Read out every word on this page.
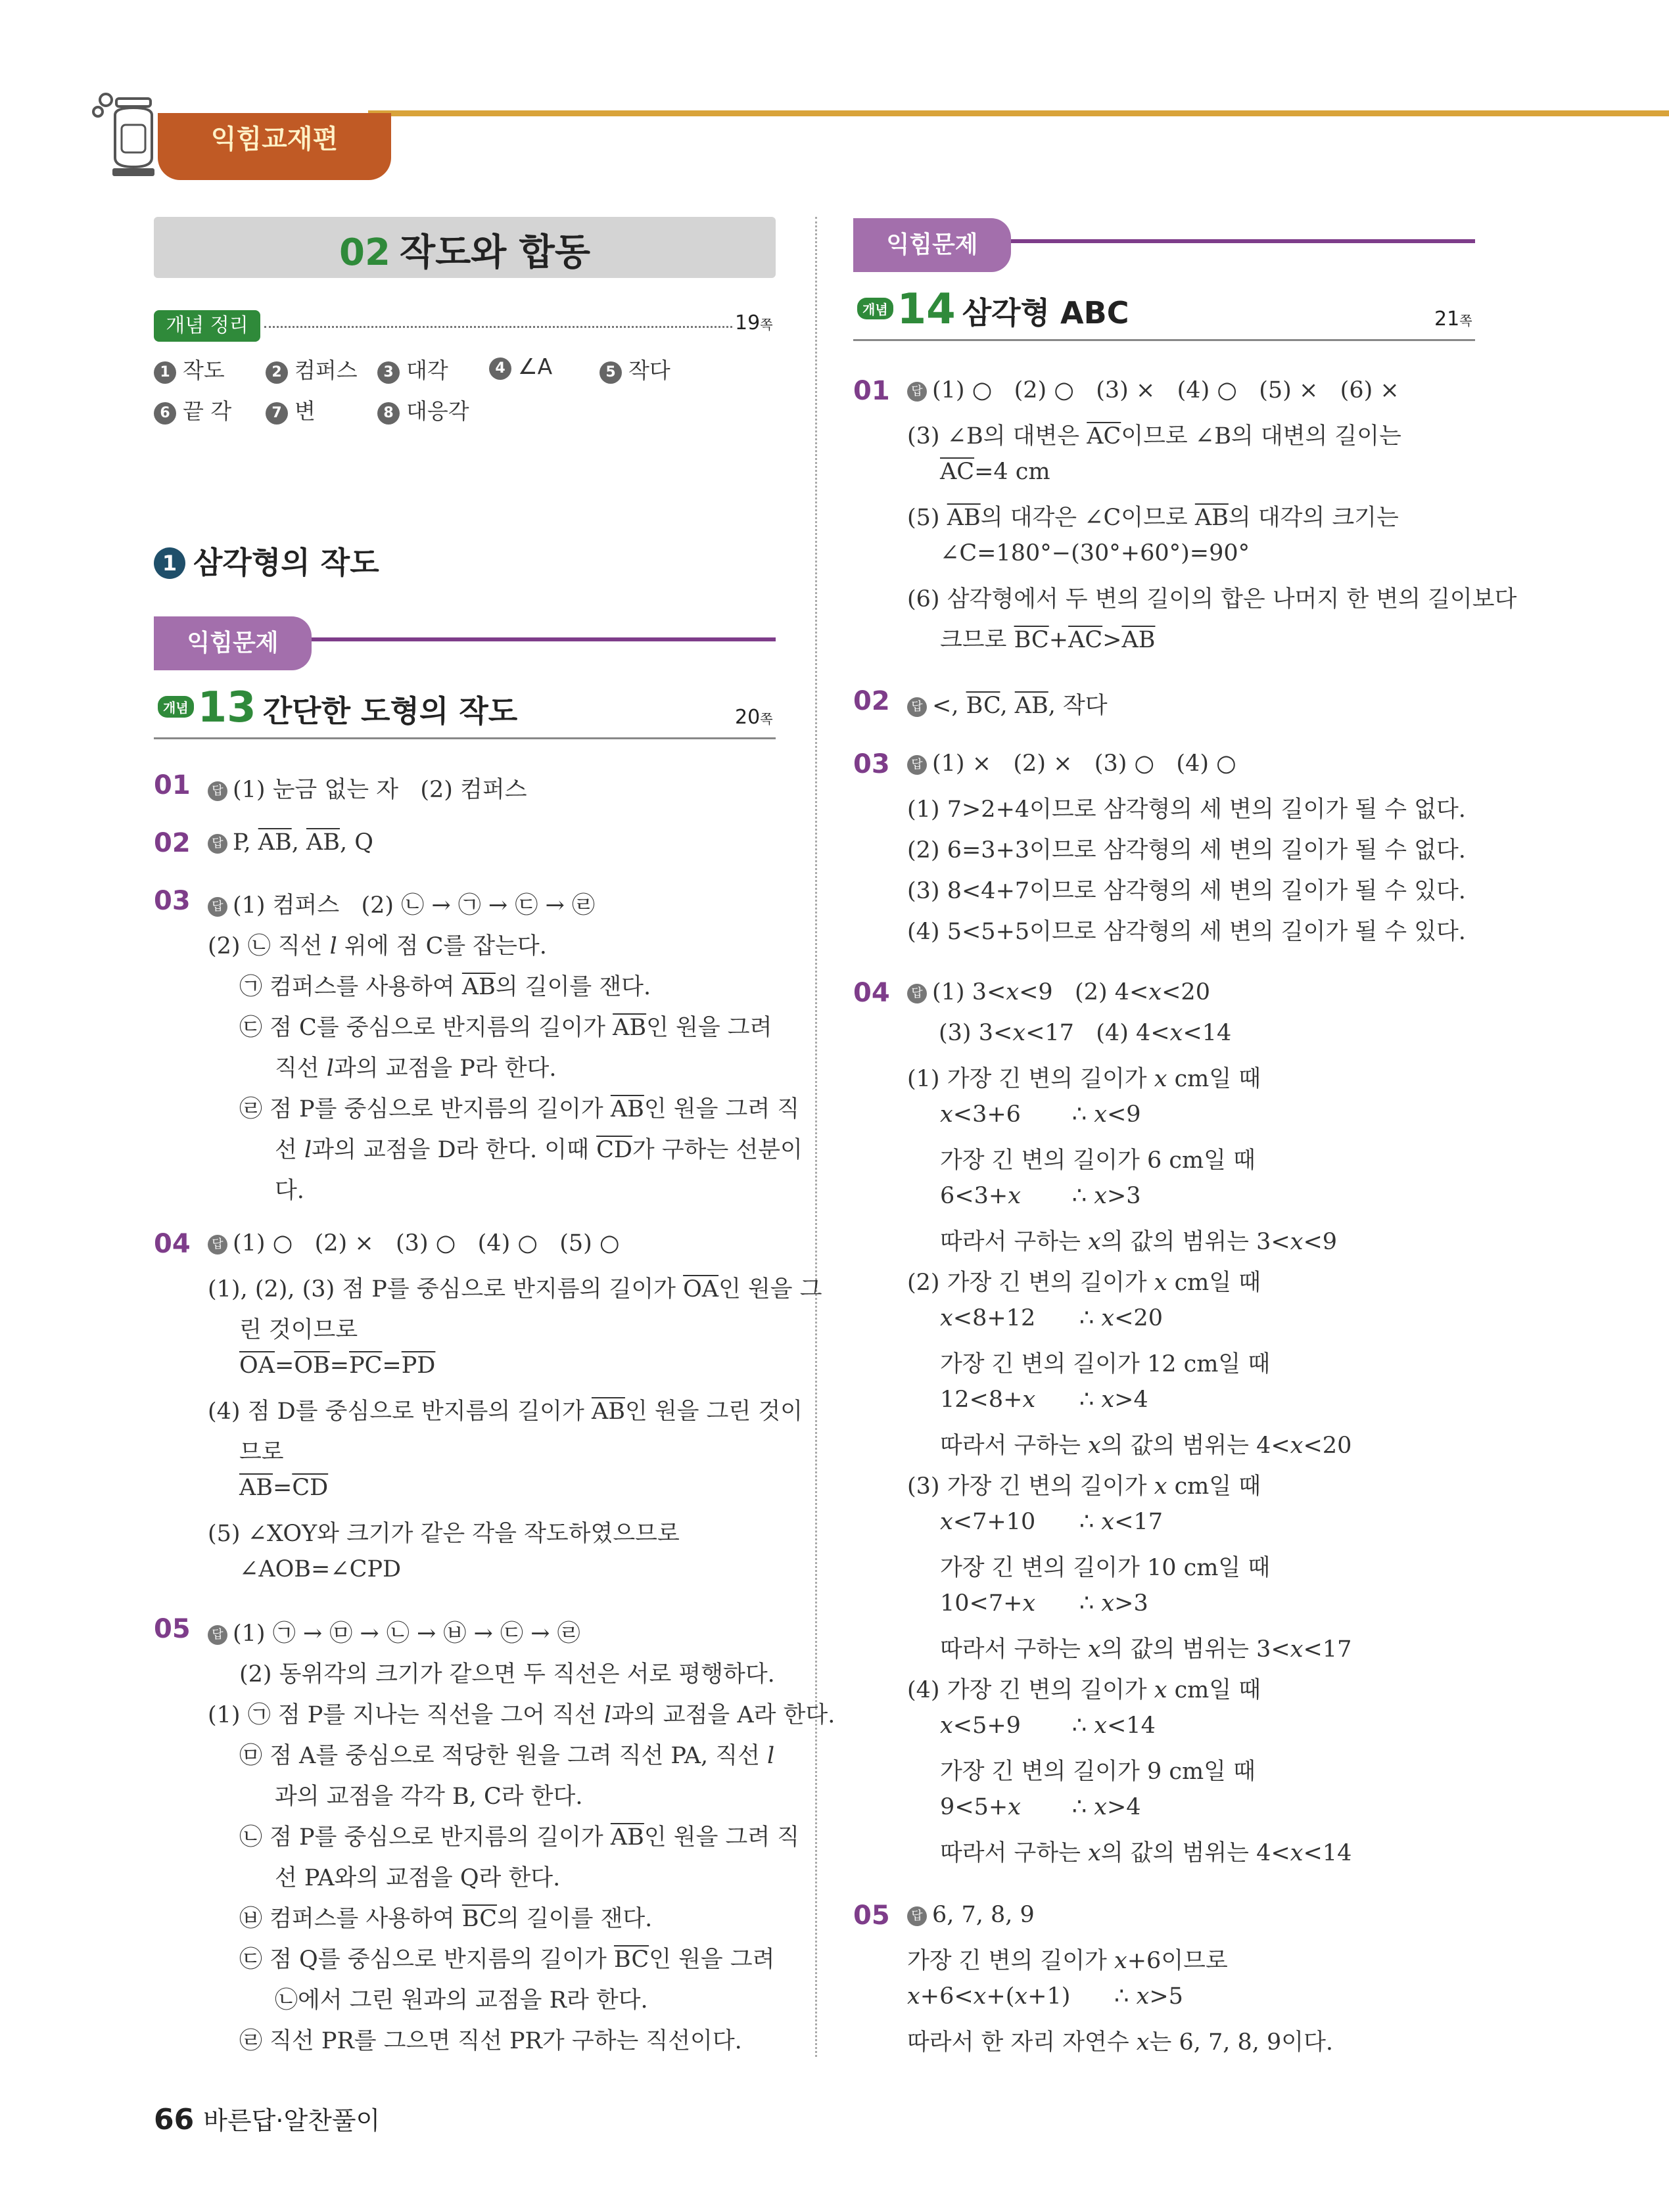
익힘교재편
02 작도와 합동
개념 정리	19쪽
1 작도	2 컴퍼스	3 대각	4 ∠A	5 작다
6 끝 각	7 변	8 대응각
1 삼각형의 작도
익힘문제
개념 13 간단한 도형의 작도	20쪽
01	답 (1) 눈금 없는 자   (2) 컴퍼스
02	답 P, $\overline{AB}$, $\overline{AB}$, Q
03	답 (1) 컴퍼스   (2) ㉡ → ㉠ → ㉢ → ㉣
(2) ㉡ 직선 l 위에 점 C를 잡는다.
㉠ 컴퍼스를 사용하여 $\overline{AB}$의 길이를 잰다.
㉢ 점 C를 중심으로 반지름의 길이가 $\overline{AB}$인 원을 그려
직선 l과의 교점을 P라 한다.
㉣ 점 P를 중심으로 반지름의 길이가 $\overline{AB}$인 원을 그려 직
선 l과의 교점을 D라 한다. 이때 $\overline{CD}$가 구하는 선분이
다.
04	답 (1) ○   (2) ×   (3) ○   (4) ○   (5) ○
(1), (2), (3) 점 P를 중심으로 반지름의 길이가 $\overline{OA}$인 원을 그
린 것이므로
$\overline{OA}=\overline{OB}=\overline{PC}=\overline{PD}$
(4) 점 D를 중심으로 반지름의 길이가 $\overline{AB}$인 원을 그린 것이
므로
$\overline{AB}=\overline{CD}$
(5) ∠XOY와 크기가 같은 각을 작도하였으므로
∠AOB=∠CPD
05	답 (1) ㉠ → ㉤ → ㉡ → ㉥ → ㉢ → ㉣
(2) 동위각의 크기가 같으면 두 직선은 서로 평행하다.
(1) ㉠ 점 P를 지나는 직선을 그어 직선 l과의 교점을 A라 한다.
㉤ 점 A를 중심으로 적당한 원을 그려 직선 PA, 직선 l
과의 교점을 각각 B, C라 한다.
㉡ 점 P를 중심으로 반지름의 길이가 $\overline{AB}$인 원을 그려 직
선 PA와의 교점을 Q라 한다.
㉥ 컴퍼스를 사용하여 $\overline{BC}$의 길이를 잰다.
㉢ 점 Q를 중심으로 반지름의 길이가 $\overline{BC}$인 원을 그려
㉡에서 그린 원과의 교점을 R라 한다.
㉣ 직선 PR를 그으면 직선 PR가 구하는 직선이다.
익힘문제
개념 14 삼각형 ABC	21쪽
01	답 (1) ○   (2) ○   (3) ×   (4) ○   (5) ×   (6) ×
(3) ∠B의 대변은 $\overline{AC}$이므로 ∠B의 대변의 길이는
$\overline{AC}=4$ cm
(5) $\overline{AB}$의 대각은 ∠C이므로 $\overline{AB}$의 대각의 크기는
∠C=180°−(30°+60°)=90°
(6) 삼각형에서 두 변의 길이의 합은 나머지 한 변의 길이보다
크므로 $\overline{BC}+\overline{AC}>\overline{AB}$
02	답 <, $\overline{BC}$, $\overline{AB}$, 작다
03	답 (1) ×   (2) ×   (3) ○   (4) ○
(1) 7>2+4이므로 삼각형의 세 변의 길이가 될 수 없다.
(2) 6=3+3이므로 삼각형의 세 변의 길이가 될 수 없다.
(3) 8<4+7이므로 삼각형의 세 변의 길이가 될 수 있다.
(4) 5<5+5이므로 삼각형의 세 변의 길이가 될 수 있다.
04	답 (1) 3<x<9   (2) 4<x<20
(3) 3<x<17   (4) 4<x<14
(1) 가장 긴 변의 길이가 x cm일 때
x<3+6       ∴ x<9
가장 긴 변의 길이가 6 cm일 때
6<3+x       ∴ x>3
따라서 구하는 x의 값의 범위는 3<x<9
(2) 가장 긴 변의 길이가 x cm일 때
x<8+12      ∴ x<20
가장 긴 변의 길이가 12 cm일 때
12<8+x      ∴ x>4
따라서 구하는 x의 값의 범위는 4<x<20
(3) 가장 긴 변의 길이가 x cm일 때
x<7+10      ∴ x<17
가장 긴 변의 길이가 10 cm일 때
10<7+x      ∴ x>3
따라서 구하는 x의 값의 범위는 3<x<17
(4) 가장 긴 변의 길이가 x cm일 때
x<5+9       ∴ x<14
가장 긴 변의 길이가 9 cm일 때
9<5+x       ∴ x>4
따라서 구하는 x의 값의 범위는 4<x<14
05	답 6, 7, 8, 9
가장 긴 변의 길이가 x+6이므로
x+6<x+(x+1)      ∴ x>5
따라서 한 자리 자연수 x는 6, 7, 8, 9이다.
66 바른답·알찬풀이
